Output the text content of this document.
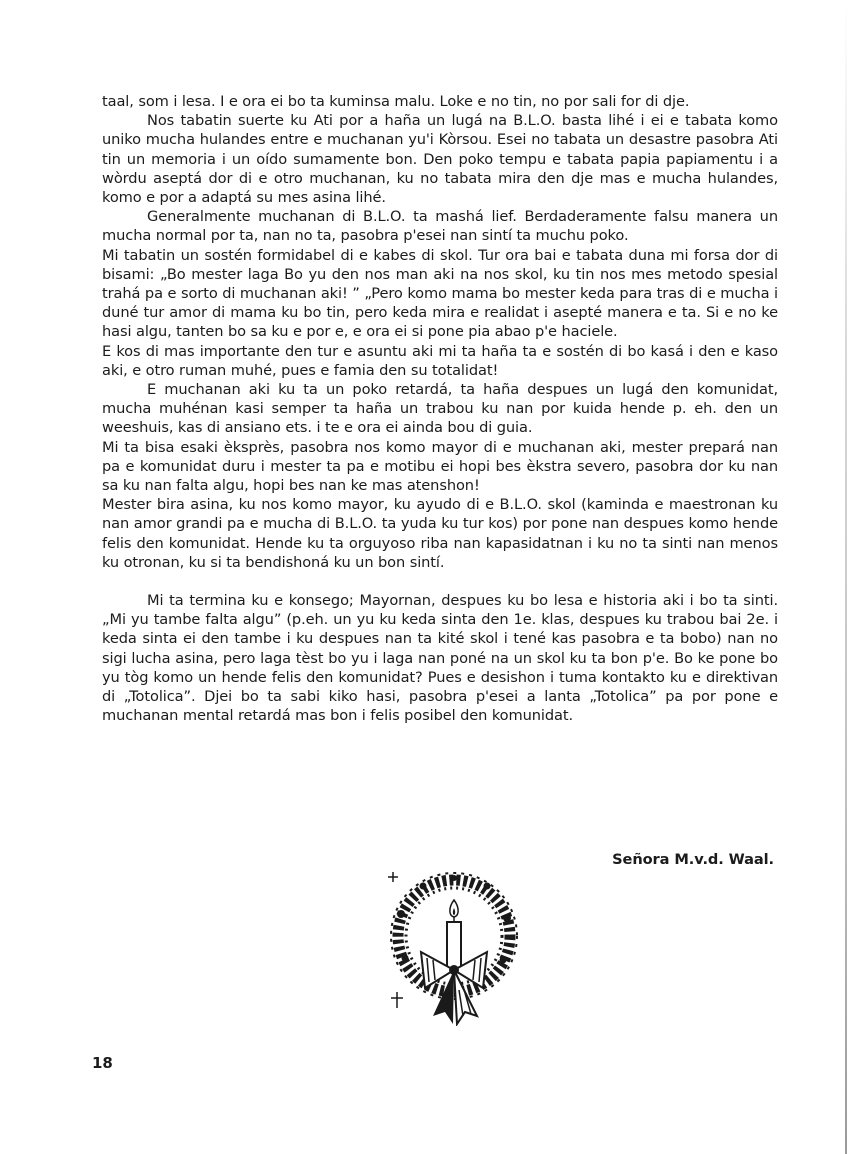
taal, som i lesa. I e ora ei bo ta kuminsa malu. Loke e no tin, no por sali for di dje.

Nos tabatin suerte ku Ati por a haña un lugá na B.L.O. basta lihé i ei e tabata komo uniko mucha hulandes entre e muchanan yu'i Kòrsou. Esei no tabata un desastre pasobra Ati tin un memoria i un oído sumamente bon. Den poko tempu e tabata papia papiamentu i a wòrdu aseptá dor di e otro muchanan, ku no tabata mira den dje mas e mucha hulandes, komo e por a adaptá su mes asina lihé.

Generalmente muchanan di B.L.O. ta mashá lief. Berdaderamente falsu manera un mucha normal por ta, nan no ta, pasobra p'esei nan sintí ta muchu poko.

Mi tabatin un sostén formidabel di e kabes di skol. Tur ora bai e tabata duna mi forsa dor di bisami: „Bo mester laga Bo yu den nos man aki na nos skol, ku tin nos mes metodo spesial trahá pa e sorto di muchanan aki! ” „Pero komo mama bo mester keda para tras di e mucha i duné tur amor di mama ku bo tin, pero keda mira e realidat i asepté manera e ta. Si e no ke hasi algu, tanten bo sa ku e por e, e ora ei si pone pia abao p'e haciele.

E kos di mas importante den tur e asuntu aki mi ta haña ta e sostén di bo kasá i den e kaso aki, e otro ruman muhé, pues e famia den su totalidat!

E muchanan aki ku ta un poko retardá, ta haña despues un lugá den komunidat, mucha muhénan kasi semper ta haña un trabou ku nan por kuida hende p. eh. den un weeshuis, kas di ansiano ets. i te e ora ei ainda bou di guia.

Mi ta bisa esaki èksprès, pasobra nos komo mayor di e muchanan aki, mester prepará nan pa e komunidat duru i mester ta pa e motibu ei hopi bes èkstra severo, pasobra dor ku nan sa ku nan falta algu, hopi bes nan ke mas atenshon!

Mester bira asina, ku nos komo mayor, ku ayudo di e B.L.O. skol (kaminda e maestronan ku nan amor grandi pa e mucha di B.L.O. ta yuda ku tur kos) por pone nan despues komo hende felis den komunidat. Hende ku ta orguyoso riba nan kapasidatnan i ku no ta sinti nan menos ku otronan, ku si ta bendishoná ku un bon sintí.

Mi ta termina ku e konsego; Mayornan, despues ku bo lesa e historia aki i bo ta sinti. „Mi yu tambe falta algu” (p.eh. un yu ku keda sinta den 1e. klas, despues ku trabou bai 2e. i keda sinta ei den tambe i ku despues nan ta kité skol i tené kas pasobra e ta bobo) nan no sigi lucha asina, pero laga tèst bo yu i laga nan poné na un skol ku ta bon p'e. Bo ke pone bo yu tòg komo un hende felis den komunidat? Pues e desishon i tuma kontakto ku e direktivan di „Totolica”. Djei bo ta sabi kiko hasi, pasobra p'esei a lanta „Totolica” pa por pone e muchanan mental retardá mas bon i felis posibel den komunidat.

Señora M.v.d. Waal.
18
